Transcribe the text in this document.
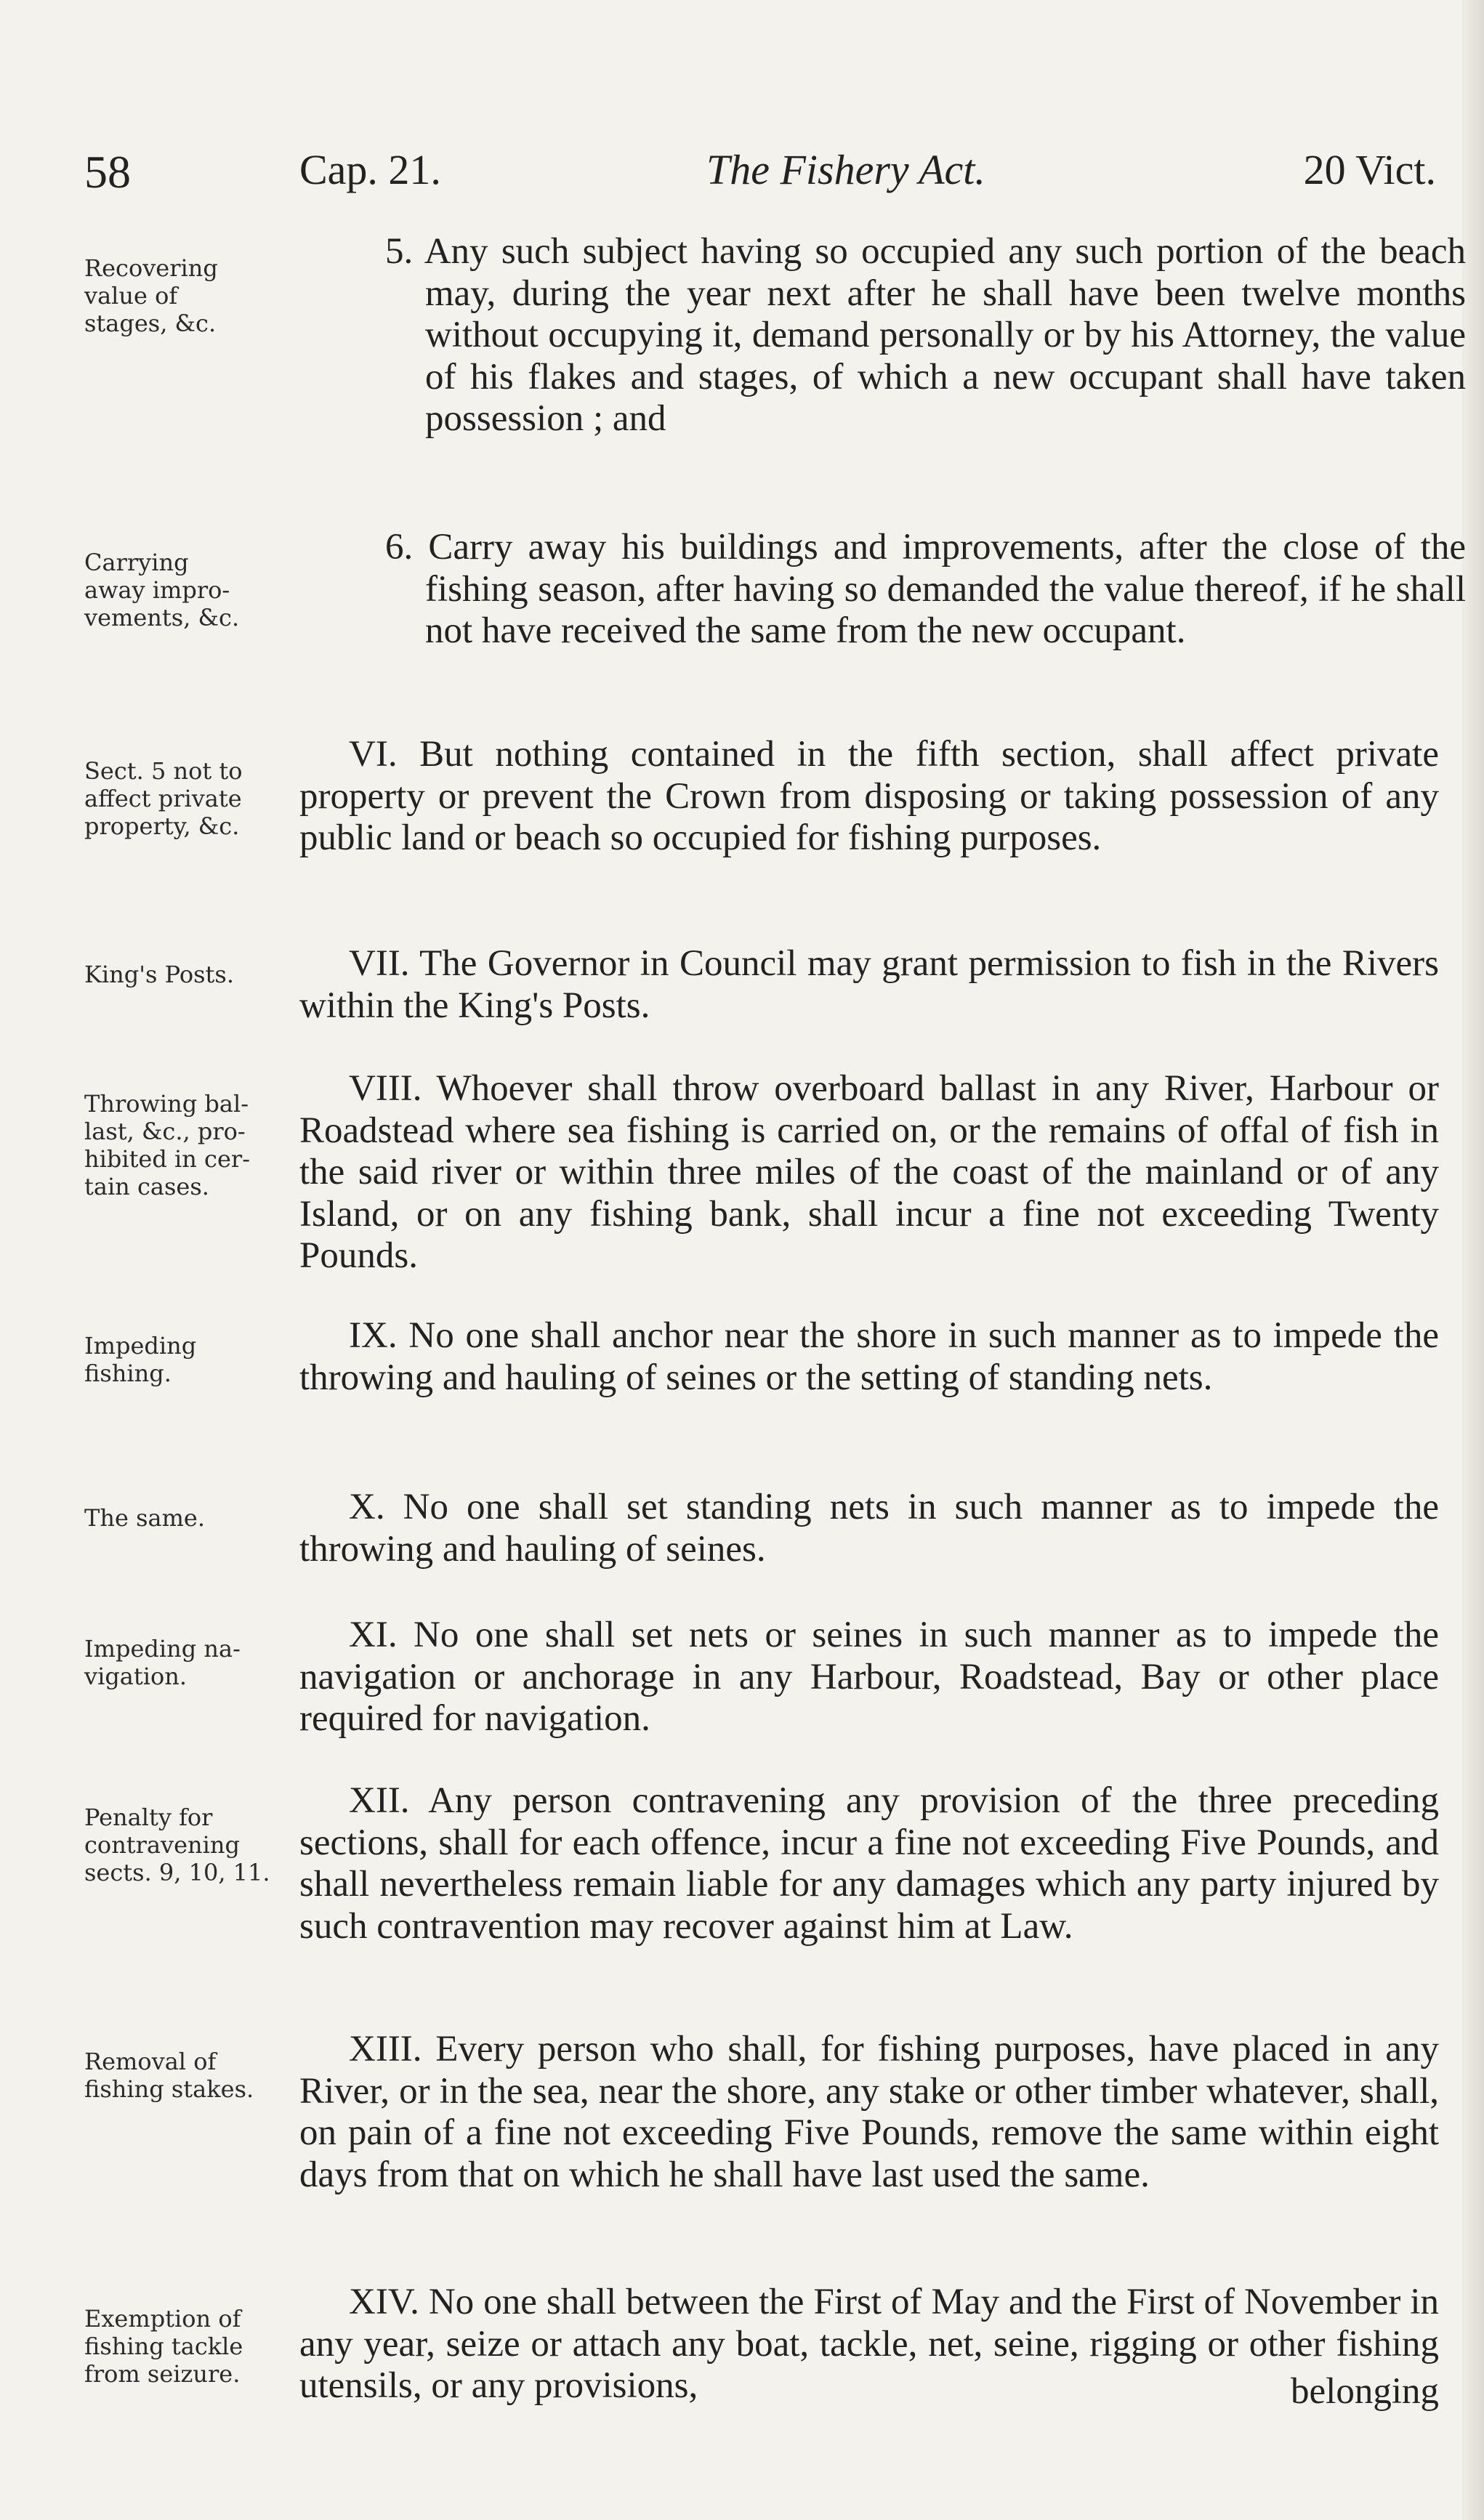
58	Cap. 21.	The Fishery Act.	20 Vict.
Recovering
value of
stages, &c.
Carrying
away impro-
vements, &c.
Sect. 5 not to
affect private
property, &c.
King's Posts.
Throwing bal-
last, &c., pro-
hibited in cer-
tain cases.
Impeding
fishing.
The same.
Impeding na-
vigation.
Penalty for
contravening
sects. 9, 10, 11.
Removal of
fishing stakes.
Exemption of
fishing tackle
from seizure.
5. Any such subject having so occupied any such portion of the beach may, during the year next after he shall have been twelve months without occupying it, demand personally or by his Attorney, the value of his flakes and stages, of which a new occupant shall have taken possession ; and
6. Carry away his buildings and improvements, after the close of the fishing season, after having so demanded the value thereof, if he shall not have received the same from the new occupant.
VI. But nothing contained in the fifth section, shall affect private property or prevent the Crown from disposing or taking possession of any public land or beach so occupied for fishing purposes.
VII. The Governor in Council may grant permission to fish in the Rivers within the King's Posts.
VIII. Whoever shall throw overboard ballast in any River, Harbour or Roadstead where sea fishing is carried on, or the remains of offal of fish in the said river or within three miles of the coast of the mainland or of any Island, or on any fishing bank, shall incur a fine not exceeding Twenty Pounds.
IX. No one shall anchor near the shore in such manner as to impede the throwing and hauling of seines or the setting of standing nets.
X. No one shall set standing nets in such manner as to impede the throwing and hauling of seines.
XI. No one shall set nets or seines in such manner as to impede the navigation or anchorage in any Harbour, Roadstead, Bay or other place required for navigation.
XII. Any person contravening any provision of the three preceding sections, shall for each offence, incur a fine not exceeding Five Pounds, and shall nevertheless remain liable for any damages which any party injured by such contravention may recover against him at Law.
XIII. Every person who shall, for fishing purposes, have placed in any River, or in the sea, near the shore, any stake or other timber whatever, shall, on pain of a fine not exceeding Five Pounds, remove the same within eight days from that on which he shall have last used the same.
XIV. No one shall between the First of May and the First of November in any year, seize or attach any boat, tackle, net, seine, rigging or other fishing utensils, or any provisions,	belonging
